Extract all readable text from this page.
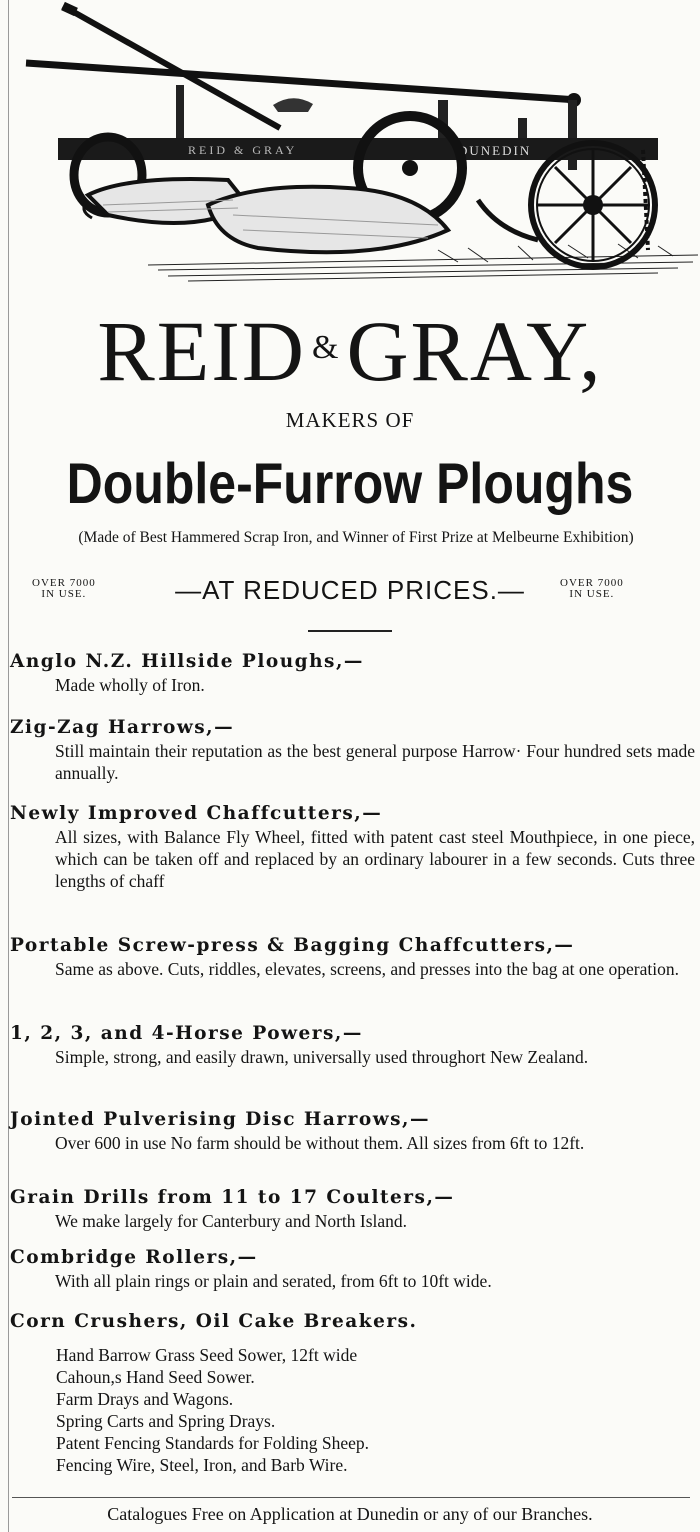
REID & GRAY	DUNEDIN
REID &GRAY,
MAKERS OF
Double-Furrow Ploughs
(Made of Best Hammered Scrap Iron, and Winner of First Prize at Melbeurne Exhibition)
OVER 7000
IN USE.	—AT REDUCED PRICES.—	OVER 7000
IN USE.
Anglo N.Z. Hillside Ploughs,—
Made wholly of Iron.
Zig-Zag Harrows,—
Still maintain their reputation as the best general purpose Harrow· Four hundred sets made annually.
Newly Improved Chaffcutters,—
All sizes, with Balance Fly Wheel, fitted with patent cast steel Mouthpiece, in one piece, which can be taken off and replaced by an ordinary labourer in a few seconds. Cuts three lengths of chaff
Portable Screw-press & Bagging Chaffcutters,—
Same as above. Cuts, riddles, elevates, screens, and presses into the bag at one operation.
1, 2, 3, and 4-Horse Powers,—
Simple, strong, and easily drawn, universally used throughort New Zealand.
Jointed Pulverising Disc Harrows,—
Over 600 in use No farm should be without them. All sizes from 6ft to 12ft.
Grain Drills from 11 to 17 Coulters,—
We make largely for Canterbury and North Island.
Combridge Rollers,—
With all plain rings or plain and serated, from 6ft to 10ft wide.
Corn Crushers, Oil Cake Breakers.
Hand Barrow Grass Seed Sower, 12ft wide
Cahoun,s Hand Seed Sower.
Farm Drays and Wagons.
Spring Carts and Spring Drays.
Patent Fencing Standards for Folding Sheep.
Fencing Wire, Steel, Iron, and Barb Wire.
Catalogues Free on Application at Dunedin or any of our Branches.
